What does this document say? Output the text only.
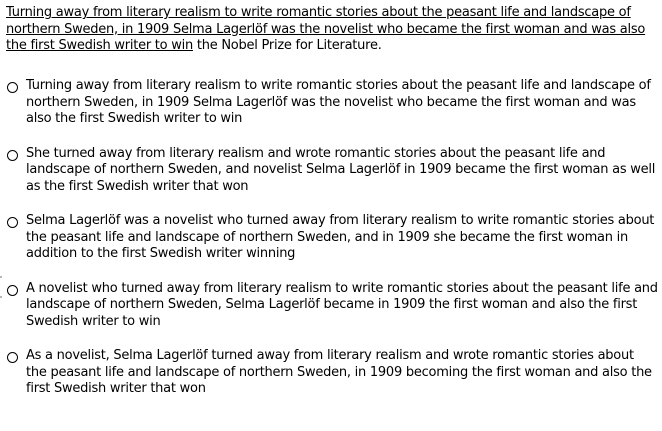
Turning away from literary realism to write romantic stories about the peasant life and landscape of northern Sweden, in 1909 Selma Lagerlöf was the novelist who became the first woman and was also the first Swedish writer to win the Nobel Prize for Literature.
Turning away from literary realism to write romantic stories about the peasant life and landscape of northern Sweden, in 1909 Selma Lagerlöf was the novelist who became the first woman and was also the first Swedish writer to win
She turned away from literary realism and wrote romantic stories about the peasant life and landscape of northern Sweden, and novelist Selma Lagerlöf in 1909 became the first woman as well as the first Swedish writer that won
Selma Lagerlöf was a novelist who turned away from literary realism to write romantic stories about the peasant life and landscape of northern Sweden, and in 1909 she became the first woman in addition to the first Swedish writer winning
A novelist who turned away from literary realism to write romantic stories about the peasant life and landscape of northern Sweden, Selma Lagerlöf became in 1909 the first woman and also the first Swedish writer to win
As a novelist, Selma Lagerlöf turned away from literary realism and wrote romantic stories about the peasant life and landscape of northern Sweden, in 1909 becoming the first woman and also the first Swedish writer that won
